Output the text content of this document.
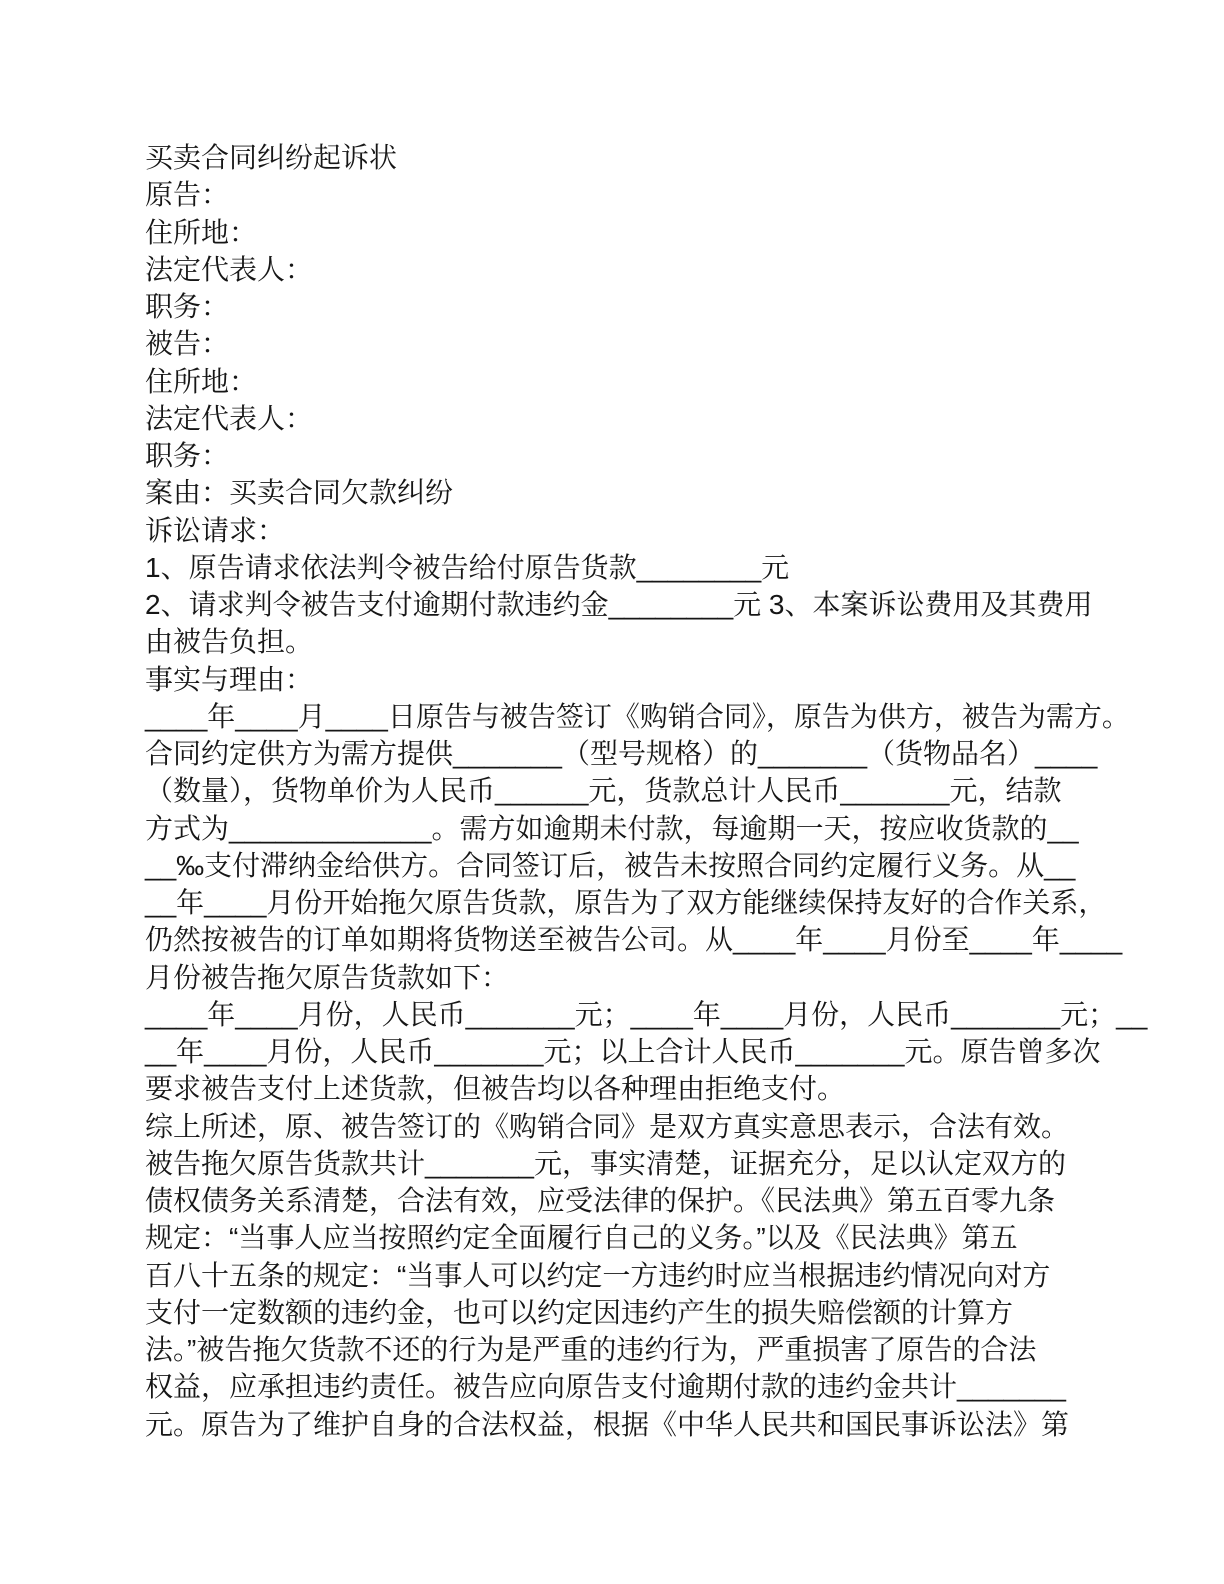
买卖合同纠纷起诉状
原告：
住所地：
法定代表人：
职务：
被告：
住所地：
法定代表人：
职务：
案由：买卖合同欠款纠纷
诉讼请求：
1、原告请求依法判令被告给付原告货款________元
2、请求判令被告支付逾期付款违约金________元 3、本案诉讼费用及其费用
由被告负担。
事实与理由：
____年____月____日原告与被告签订《购销合同》，原告为供方，被告为需方。
合同约定供方为需方提供_______（型号规格）的_______（货物品名）____
（数量），货物单价为人民币______元，货款总计人民币_______元，结款
方式为_____________。需方如逾期未付款，每逾期一天，按应收货款的__
__‰支付滞纳金给供方。合同签订后，被告未按照合同约定履行义务。从__
__年____月份开始拖欠原告货款，原告为了双方能继续保持友好的合作关系，
仍然按被告的订单如期将货物送至被告公司。从____年____月份至____年____
月份被告拖欠原告货款如下：
____年____月份，人民币_______元；____年____月份，人民币_______元；__
__年____月份，人民币_______元；以上合计人民币_______元。原告曾多次
要求被告支付上述货款，但被告均以各种理由拒绝支付。
综上所述，原、被告签订的《购销合同》是双方真实意思表示，合法有效。
被告拖欠原告货款共计_______元，事实清楚，证据充分，足以认定双方的
债权债务关系清楚，合法有效，应受法律的保护。《民法典》第五百零九条
规定：“当事人应当按照约定全面履行自己的义务。”以及《民法典》第五
百八十五条的规定：“当事人可以约定一方违约时应当根据违约情况向对方
支付一定数额的违约金，也可以约定因违约产生的损失赔偿额的计算方
法。”被告拖欠货款不还的行为是严重的违约行为，严重损害了原告的合法
权益，应承担违约责任。被告应向原告支付逾期付款的违约金共计_______
元。原告为了维护自身的合法权益，根据《中华人民共和国民事诉讼法》第
